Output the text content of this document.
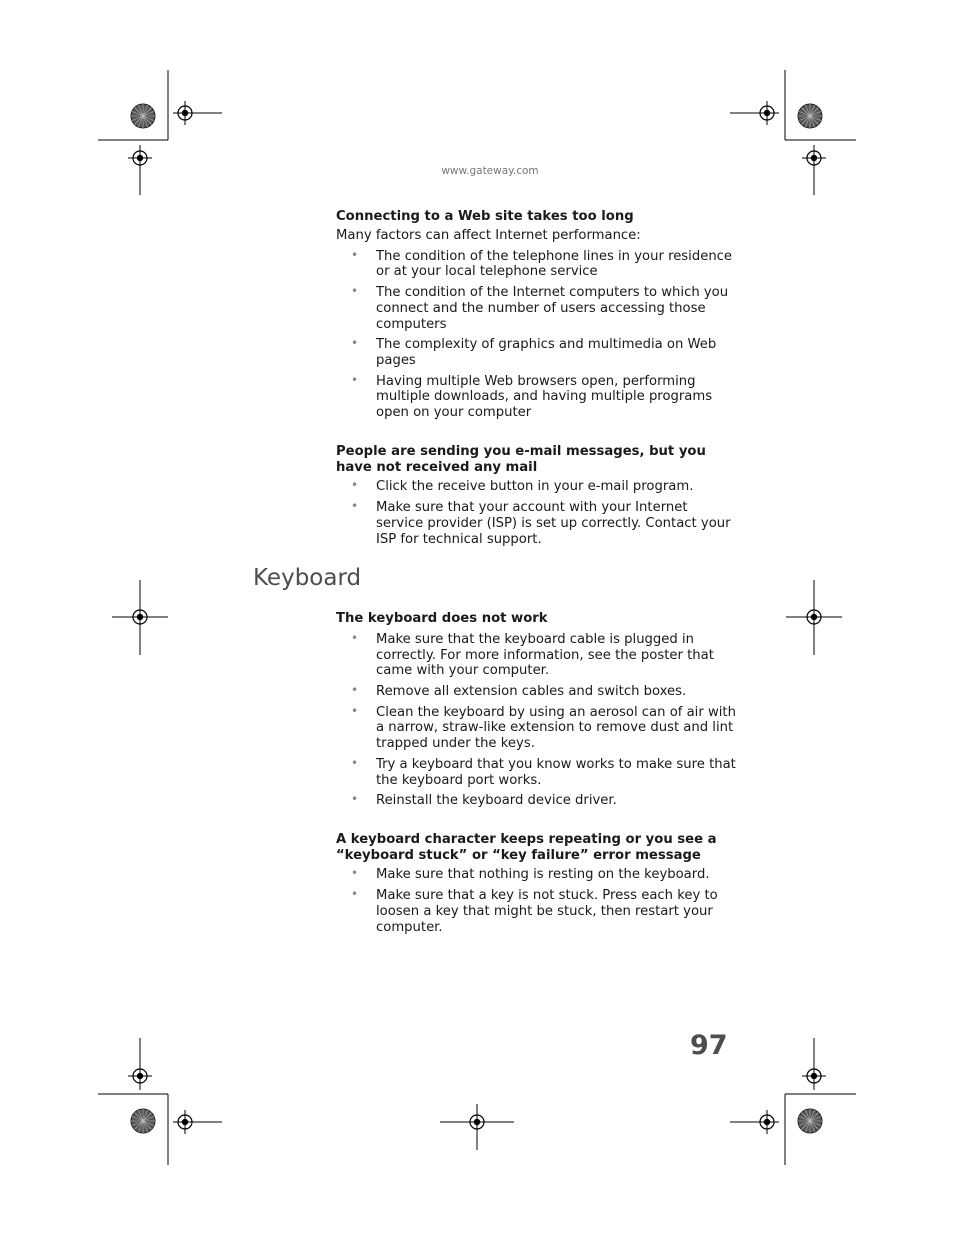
www.gateway.com

Connecting to a Web site takes too long

Many factors can affect Internet performance:

• The condition of the telephone lines in your residence or at your local telephone service
• The condition of the Internet computers to which you connect and the number of users accessing those computers
• The complexity of graphics and multimedia on Web pages
• Having multiple Web browsers open, performing multiple downloads, and having multiple programs open on your computer

People are sending you e-mail messages, but you have not received any mail

• Click the receive button in your e-mail program.
• Make sure that your account with your Internet service provider (ISP) is set up correctly. Contact your ISP for technical support.
Keyboard

The keyboard does not work

• Make sure that the keyboard cable is plugged in correctly. For more information, see the poster that came with your computer.
• Remove all extension cables and switch boxes.
• Clean the keyboard by using an aerosol can of air with a narrow, straw-like extension to remove dust and lint trapped under the keys.
• Try a keyboard that you know works to make sure that the keyboard port works.
• Reinstall the keyboard device driver.

A keyboard character keeps repeating or you see a “keyboard stuck” or “key failure” error message

• Make sure that nothing is resting on the keyboard.
• Make sure that a key is not stuck. Press each key to loosen a key that might be stuck, then restart your computer.
97
